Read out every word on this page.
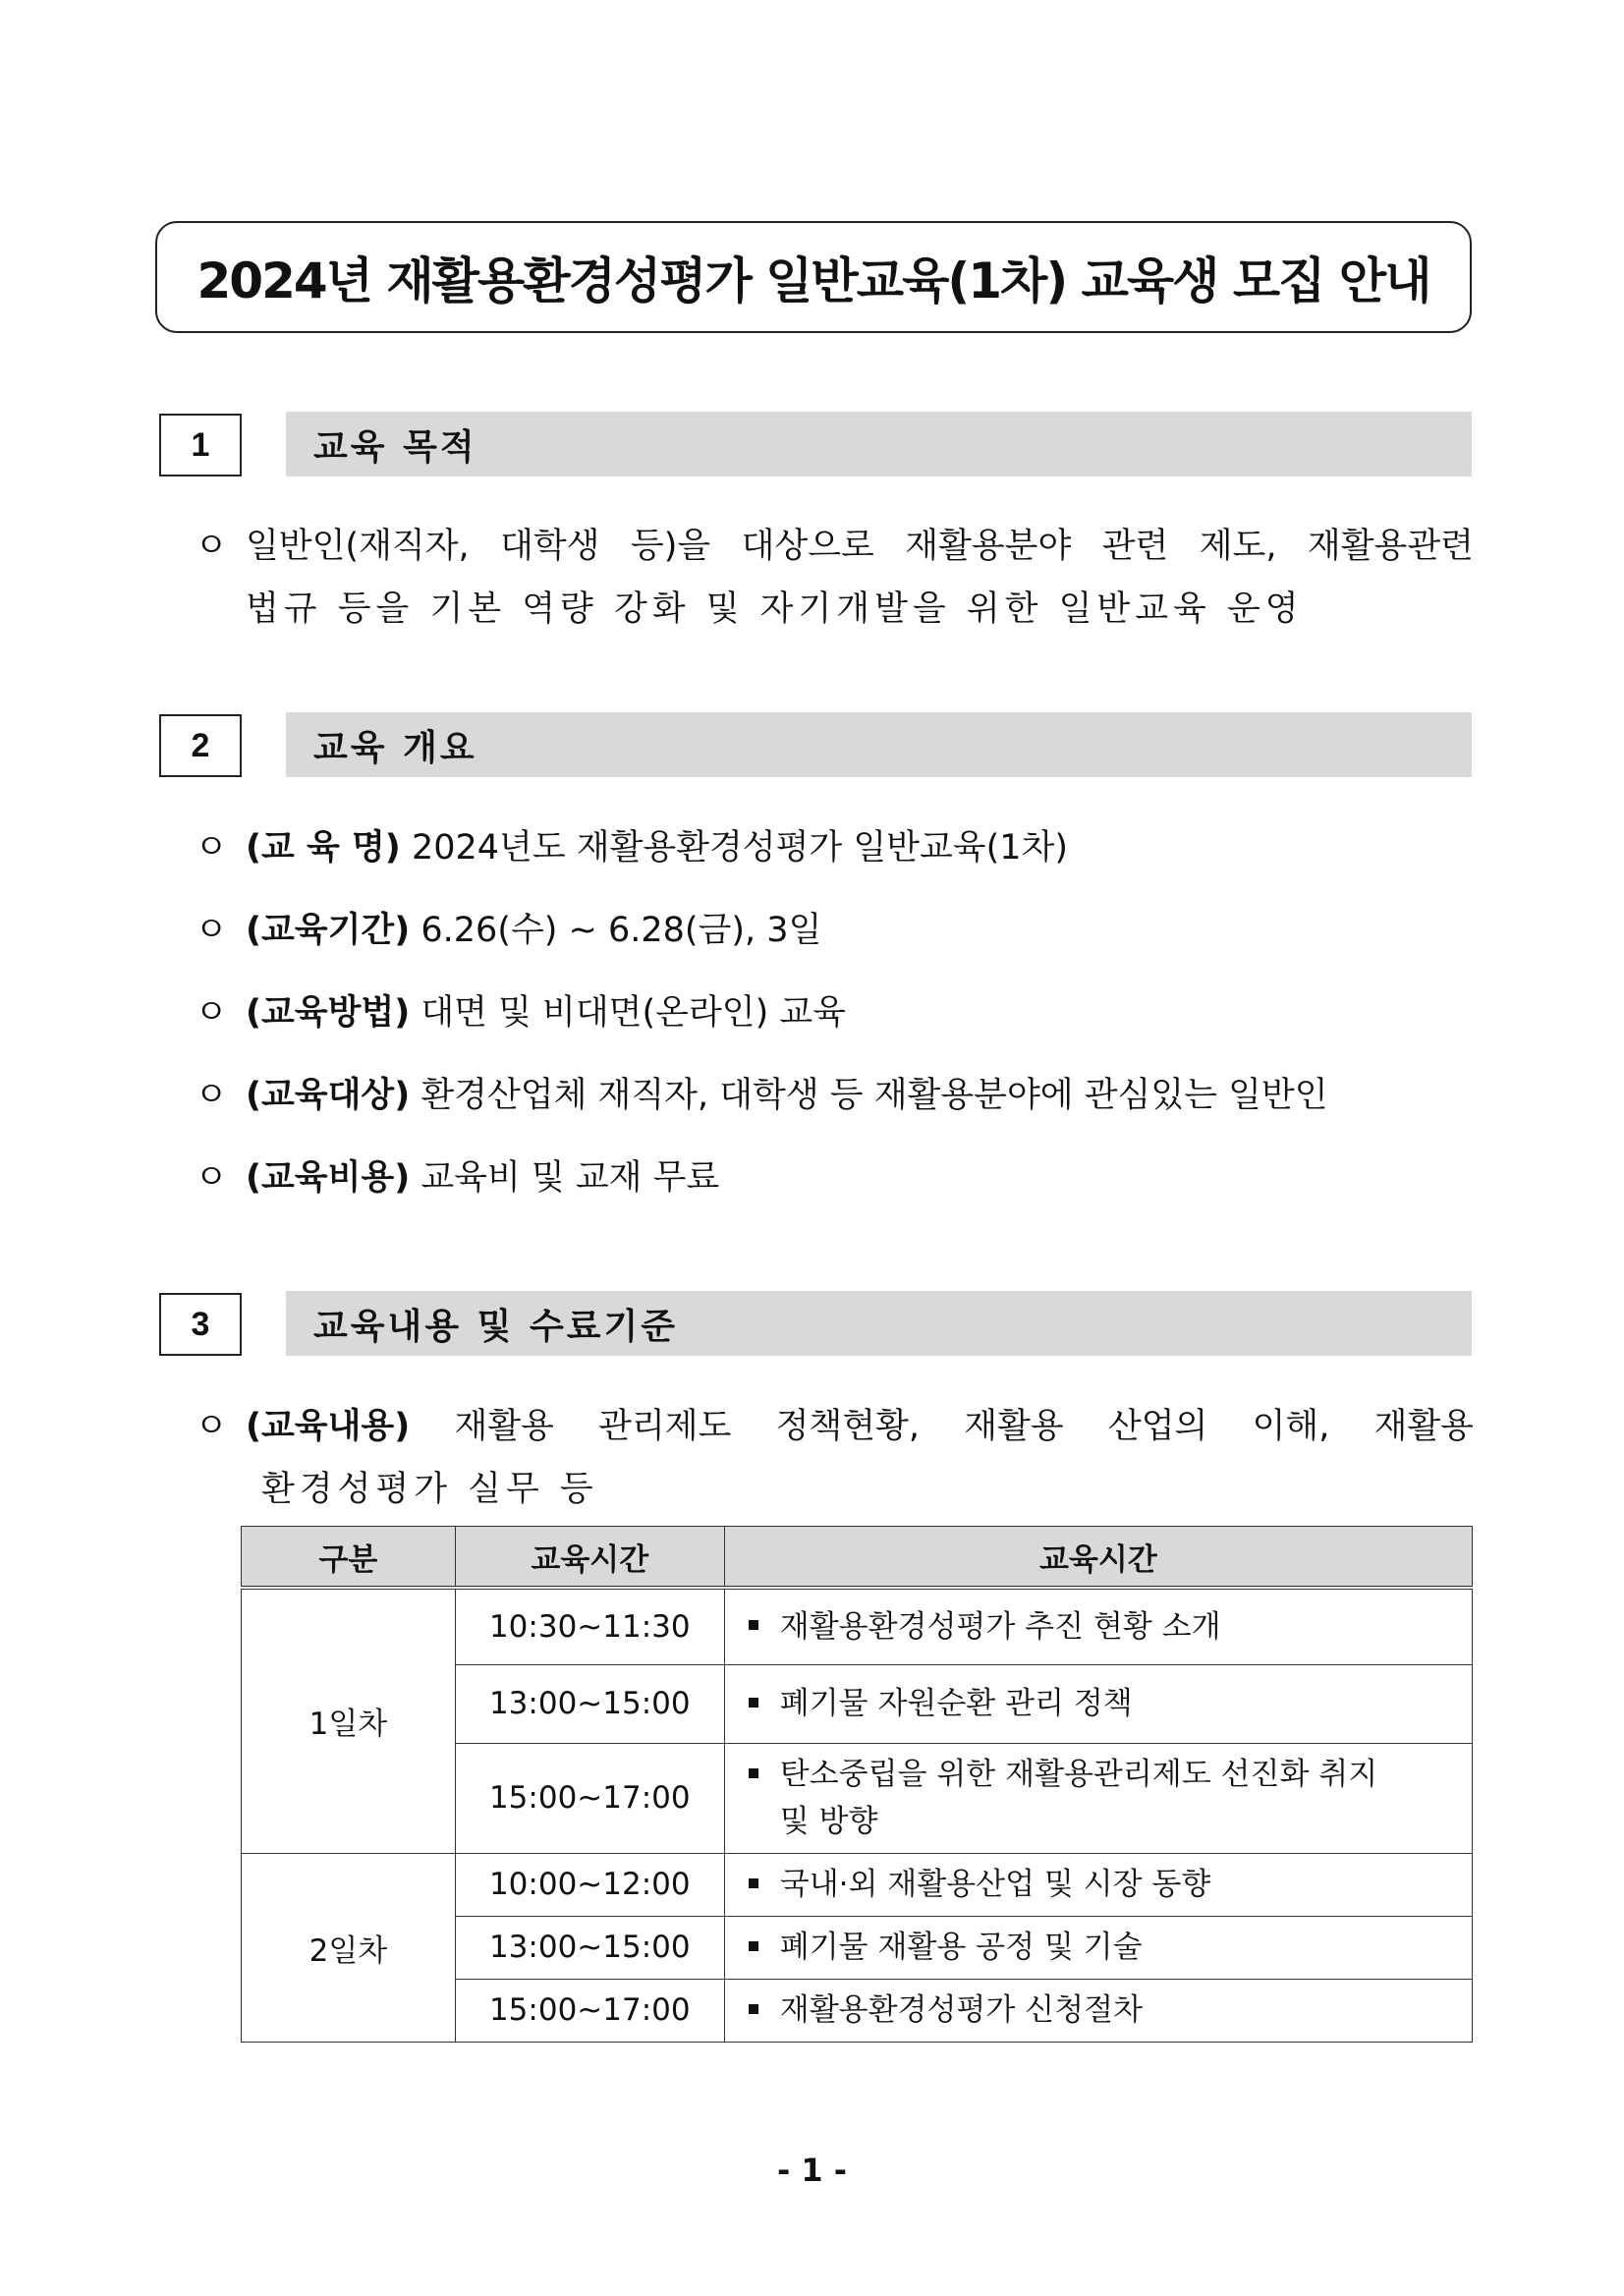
2024년 재활용환경성평가 일반교육(1차) 교육생 모집 안내
1	교육 목적
ㅇ 일반인(재직자, 대학생 등)을 대상으로 재활용분야 관련 제도, 재활용관련
법규 등을 기본 역량 강화 및 자기개발을 위한 일반교육 운영
2	교육 개요
ㅇ (교 육 명) 2024년도 재활용환경성평가 일반교육(1차)
ㅇ (교육기간) 6.26(수) ~ 6.28(금), 3일
ㅇ (교육방법) 대면 및 비대면(온라인) 교육
ㅇ (교육대상) 환경산업체 재직자, 대학생 등 재활용분야에 관심있는 일반인
ㅇ (교육비용) 교육비 및 교재 무료
3	교육내용 및 수료기준
ㅇ (교육내용) 재활용 관리제도 정책현황, 재활용 산업의 이해, 재활용
환경성평가 실무 등
구분	교육시간	교육시간
1일차	10:30~11:30	재활용환경성평가 추진 현황 소개
	13:00~15:00	폐기물 자원순환 관리 정책
	15:00~17:00	탄소중립을 위한 재활용관리제도 선진화 취지
및 방향

2일차	10:00~12:00	국내·외 재활용산업 및 시장 동향
	13:00~15:00	폐기물 재활용 공정 및 기술
	15:00~17:00	재활용환경성평가 신청절차
- 1 -
